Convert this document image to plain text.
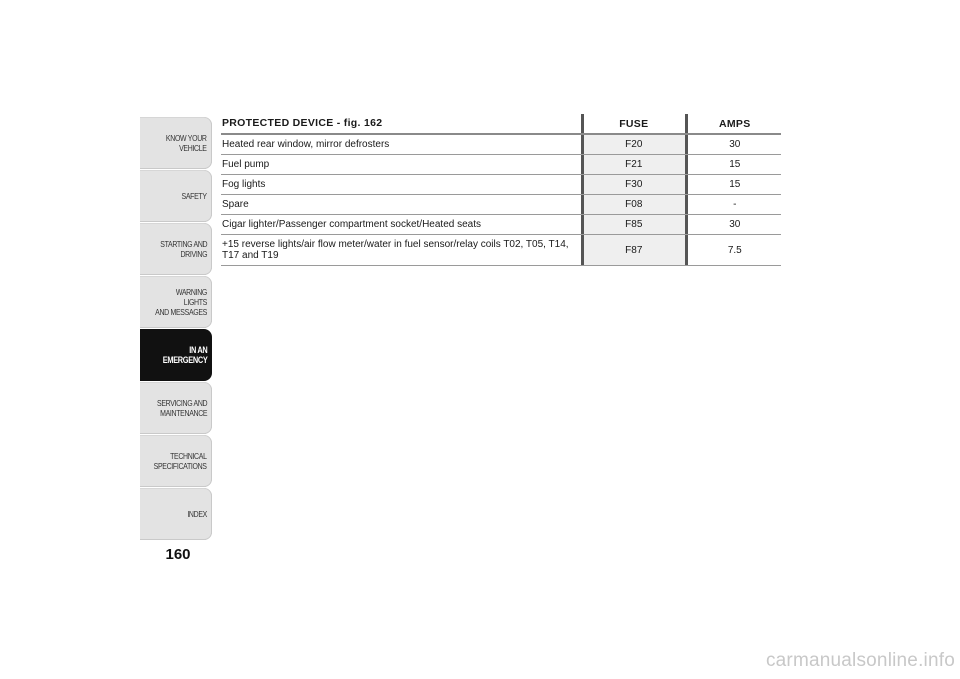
KNOW YOUR
VEHICLE
SAFETY
STARTING AND
DRIVING
WARNING LIGHTS
AND MESSAGES
IN AN
EMERGENCY
SERVICING AND
MAINTENANCE
TECHNICAL
SPECIFICATIONS
INDEX
160
PROTECTED DEVICE - fig. 162	FUSE	AMPS
Heated rear window, mirror defrosters	F20	30
Fuel pump	F21	15
Fog lights	F30	15
Spare	F08	-
Cigar lighter/Passenger compartment socket/Heated seats	F85	30
+15 reverse lights/air flow meter/water in fuel sensor/relay coils T02, T05, T14, T17 and T19	F87	7.5
carmanualsonline.info
